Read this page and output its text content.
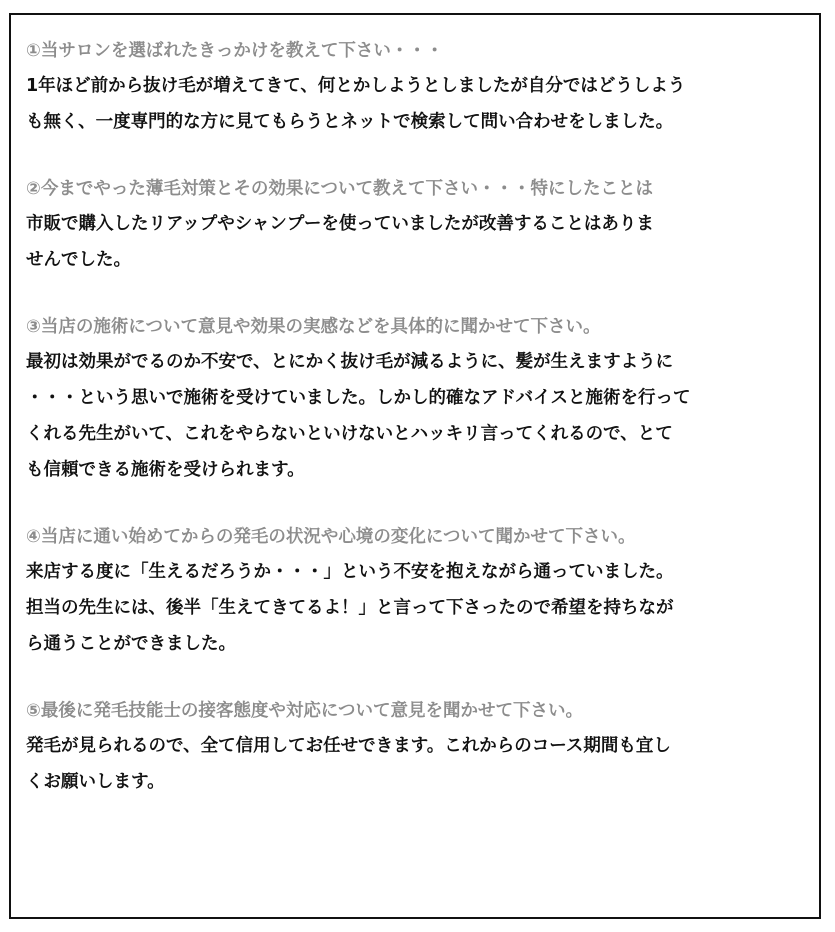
①当サロンを選ばれたきっかけを教えて下さい・・・
1年ほど前から抜け毛が増えてきて、何とかしようとしましたが自分ではどうしよう
も無く、一度専門的な方に見てもらうとネットで検索して問い合わせをしました。
②今までやった薄毛対策とその効果について教えて下さい・・・特にしたことは
市販で購入したリアップやシャンプーを使っていましたが改善することはありま
せんでした。
③当店の施術について意見や効果の実感などを具体的に聞かせて下さい。
最初は効果がでるのか不安で、とにかく抜け毛が減るように、髪が生えますように
・・・という思いで施術を受けていました。しかし的確なアドバイスと施術を行って
くれる先生がいて、これをやらないといけないとハッキリ言ってくれるので、とて
も信頼できる施術を受けられます。
④当店に通い始めてからの発毛の状況や心境の変化について聞かせて下さい。
来店する度に「生えるだろうか・・・」という不安を抱えながら通っていました。
担当の先生には、後半「生えてきてるよ！」と言って下さったので希望を持ちなが
ら通うことができました。
⑤最後に発毛技能士の接客態度や対応について意見を聞かせて下さい。
発毛が見られるので、全て信用してお任せできます。これからのコース期間も宜し
くお願いします。
